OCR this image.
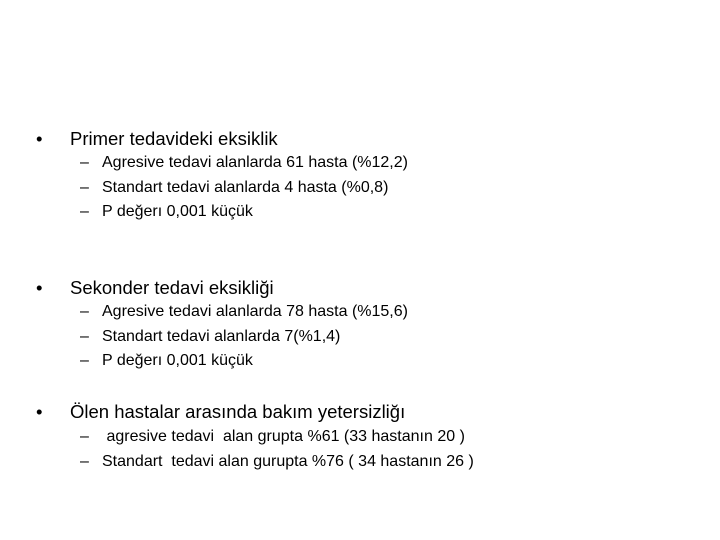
• Primer tedavideki eksiklik
– Agresive tedavi alanlarda 61 hasta (%12,2)
– Standart tedavi alanlarda 4 hasta (%0,8)
– P değerı 0,001 küçük
• Sekonder tedavi eksikliği
– Agresive tedavi alanlarda 78 hasta (%15,6)
– Standart tedavi alanlarda 7(%1,4)
– P değerı 0,001 küçük
• Ölen hastalar arasında bakım yetersizliğı
– agresive tedavi  alan grupta %61 (33 hastanın 20 )
– Standart  tedavi alan gurupta %76 ( 34 hastanın 26 )
